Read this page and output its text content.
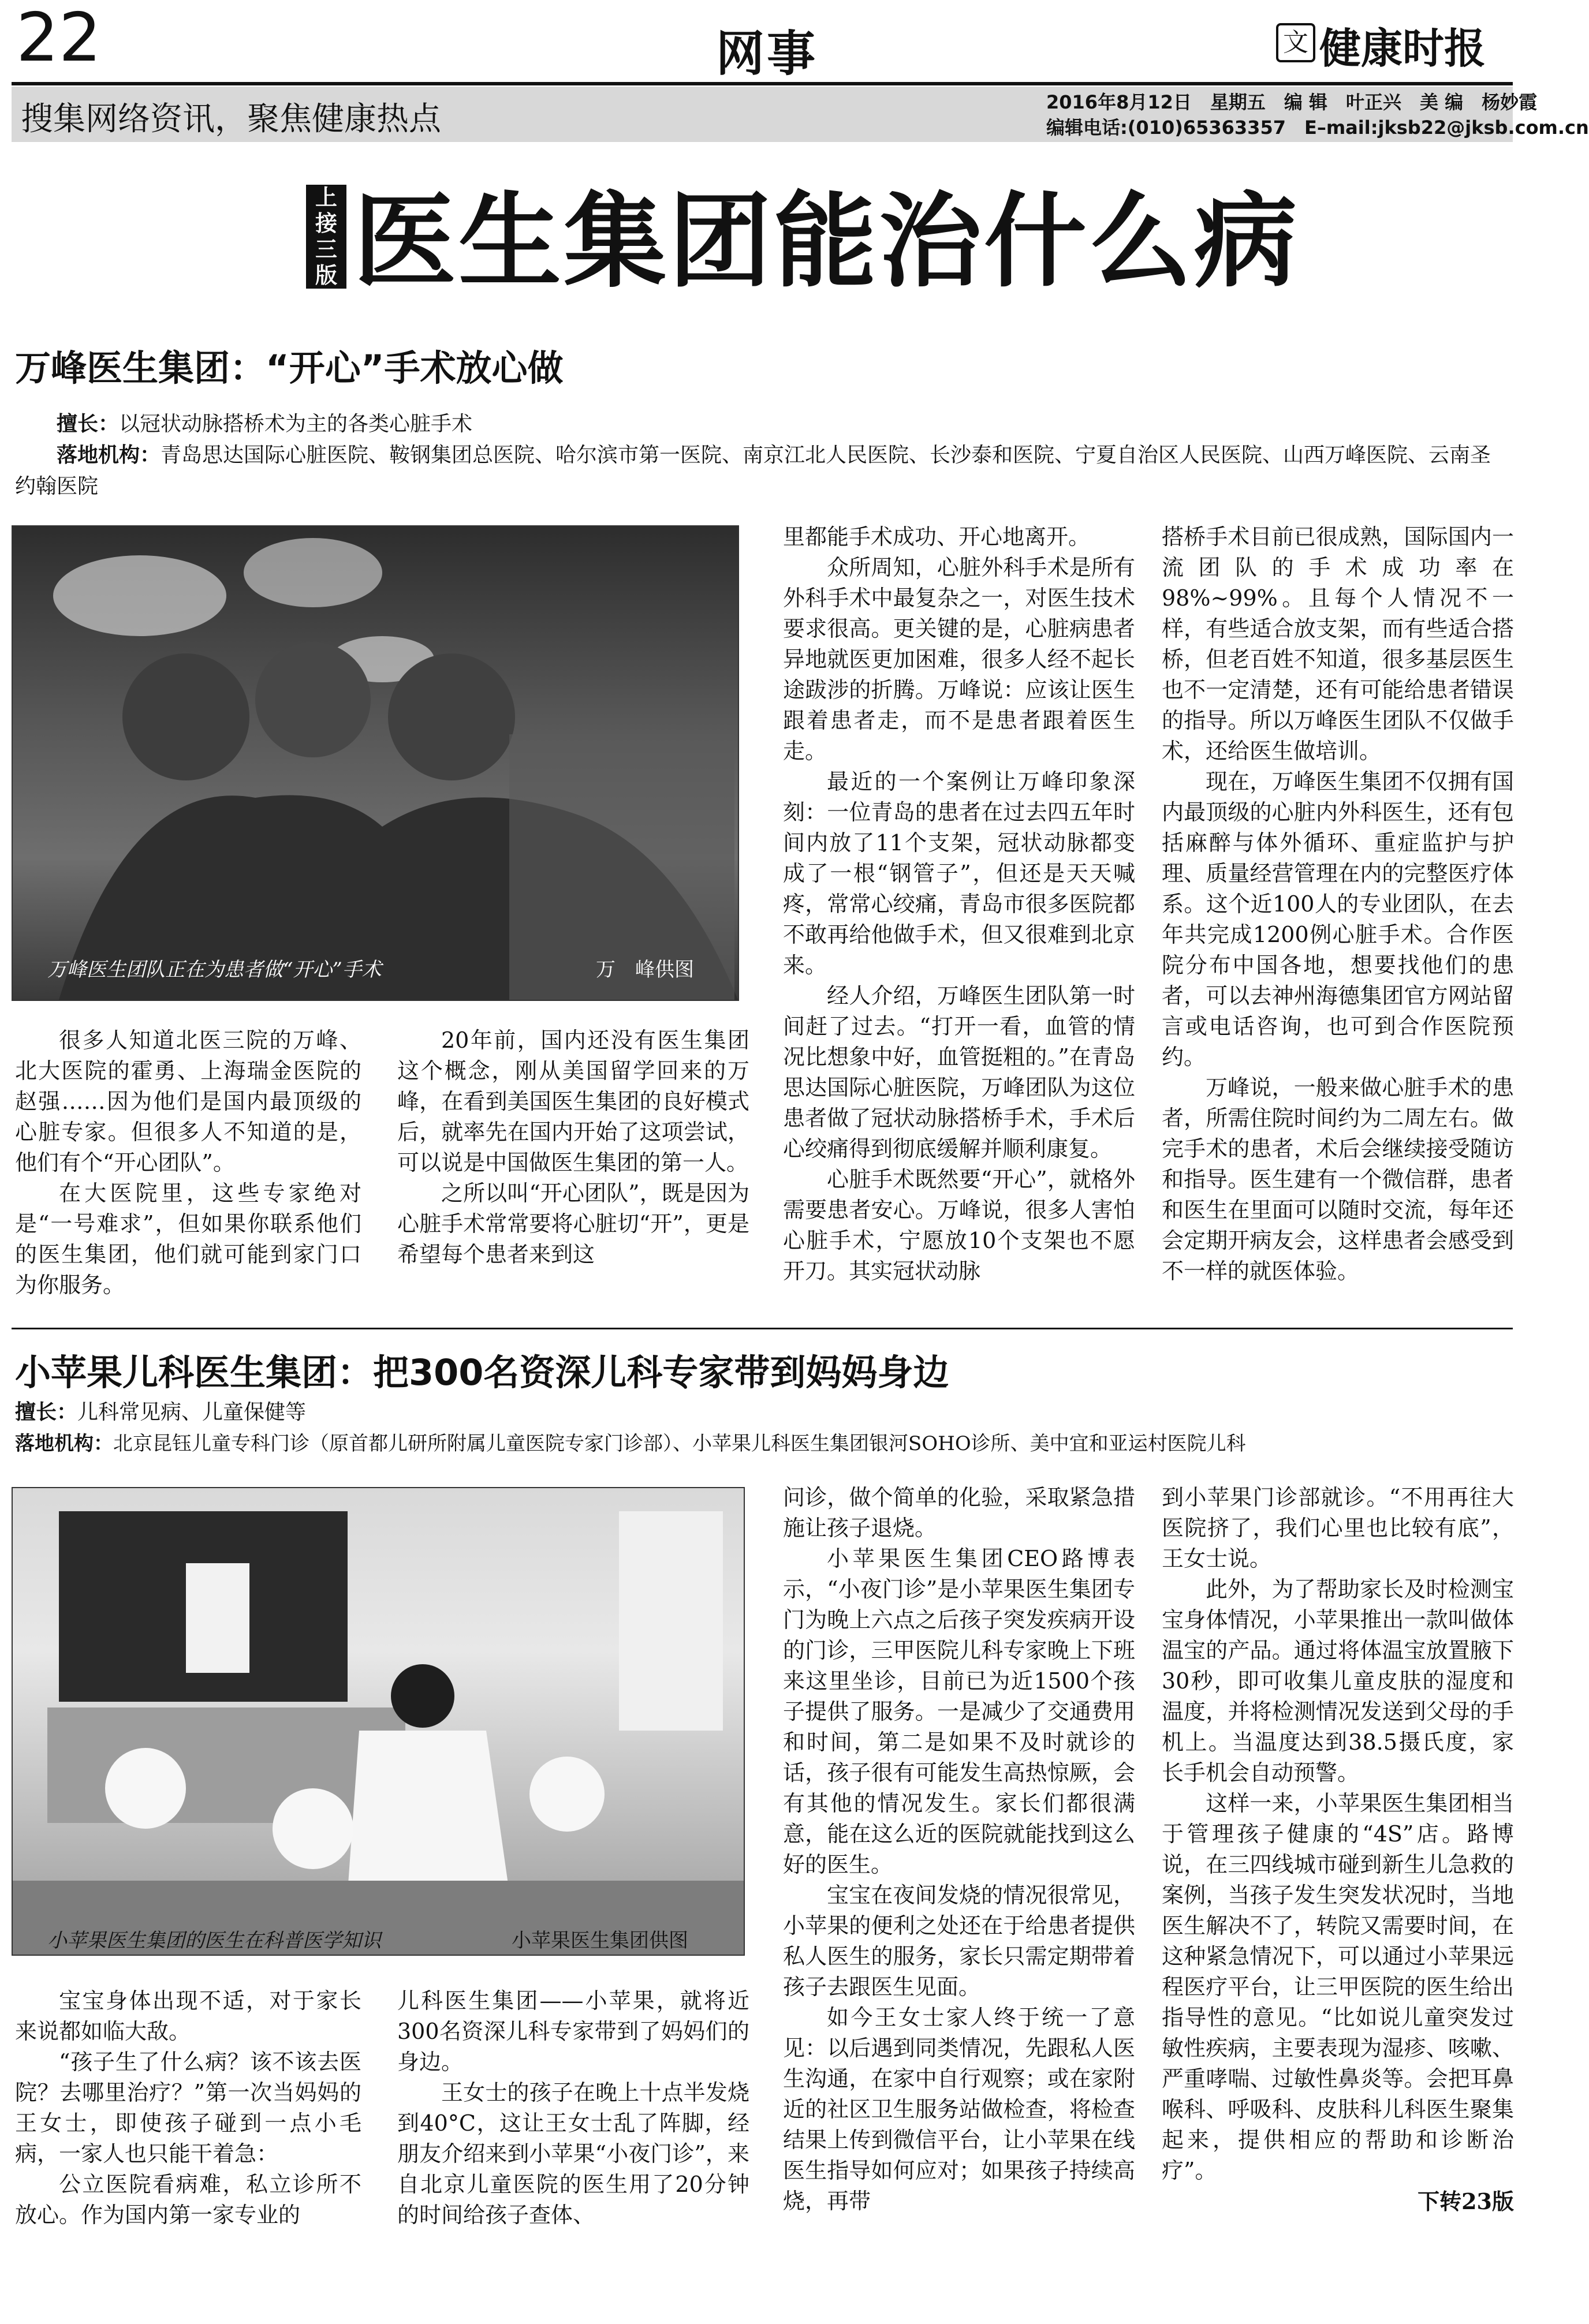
22	网事	文 健康时报
搜集网络资讯，聚焦健康热点	2016年8月12日　星期五　编 辑　叶正兴　美 编　杨妙霞
编辑电话:(010)65363357　E–mail:jksb22@jksb.com.cn
上接三版 医生集团能治什么病
万峰医生集团：“开心”手术放心做
擅长：以冠状动脉搭桥术为主的各类心脏手术
落地机构：青岛思达国际心脏医院、鞍钢集团总医院、哈尔滨市第一医院、南京江北人民医院、长沙泰和医院、宁夏自治区人民医院、山西万峰医院、云南圣约翰医院
万峰医生团队正在为患者做“开心”手术	万　峰供图

很多人知道北医三院的万峰、北大医院的霍勇、上海瑞金医院的赵强……因为他们是国内最顶级的心脏专家。但很多人不知道的是，他们有个“开心团队”。

在大医院里，这些专家绝对是“一号难求”，但如果你联系他们的医生集团，他们就可能到家门口为你服务。

20年前，国内还没有医生集团这个概念，刚从美国留学回来的万峰，在看到美国医生集团的良好模式后，就率先在国内开始了这项尝试，可以说是中国做医生集团的第一人。

之所以叫“开心团队”，既是因为心脏手术常常要将心脏切“开”，更是希望每个患者来到这

里都能手术成功、开心地离开。

众所周知，心脏外科手术是所有外科手术中最复杂之一，对医生技术要求很高。更关键的是，心脏病患者异地就医更加困难，很多人经不起长途跋涉的折腾。万峰说：应该让医生跟着患者走，而不是患者跟着医生走。

最近的一个案例让万峰印象深刻：一位青岛的患者在过去四五年时间内放了11个支架，冠状动脉都变成了一根“钢管子”，但还是天天喊疼，常常心绞痛，青岛市很多医院都不敢再给他做手术，但又很难到北京来。

经人介绍，万峰医生团队第一时间赶了过去。“打开一看，血管的情况比想象中好，血管挺粗的。”在青岛思达国际心脏医院，万峰团队为这位患者做了冠状动脉搭桥手术，手术后心绞痛得到彻底缓解并顺利康复。

心脏手术既然要“开心”，就格外需要患者安心。万峰说，很多人害怕心脏手术，宁愿放10个支架也不愿开刀。其实冠状动脉

搭桥手术目前已很成熟，国际国内一流团队的手术成功率在98%~99%。且每个人情况不一样，有些适合放支架，而有些适合搭桥，但老百姓不知道，很多基层医生也不一定清楚，还有可能给患者错误的指导。所以万峰医生团队不仅做手术，还给医生做培训。

现在，万峰医生集团不仅拥有国内最顶级的心脏内外科医生，还有包括麻醉与体外循环、重症监护与护理、质量经营管理在内的完整医疗体系。这个近100人的专业团队，在去年共完成1200例心脏手术。合作医院分布中国各地，想要找他们的患者，可以去神州海德集团官方网站留言或电话咨询，也可到合作医院预约。

万峰说，一般来做心脏手术的患者，所需住院时间约为二周左右。做完手术的患者，术后会继续接受随访和指导。医生建有一个微信群，患者和医生在里面可以随时交流，每年还会定期开病友会，这样患者会感受到不一样的就医体验。

小苹果儿科医生集团：把300名资深儿科专家带到妈妈身边
擅长：儿科常见病、儿童保健等
落地机构：北京昆钰儿童专科门诊（原首都儿研所附属儿童医院专家门诊部）、小苹果儿科医生集团银河SOHO诊所、美中宜和亚运村医院儿科
小苹果医生集团的医生在科普医学知识	小苹果医生集团供图

宝宝身体出现不适，对于家长来说都如临大敌。

“孩子生了什么病？该不该去医院？去哪里治疗？”第一次当妈妈的王女士，即使孩子碰到一点小毛病，一家人也只能干着急：

公立医院看病难，私立诊所不放心。作为国内第一家专业的

儿科医生集团——小苹果，就将近300名资深儿科专家带到了妈妈们的身边。

王女士的孩子在晚上十点半发烧到40°C，这让王女士乱了阵脚，经朋友介绍来到小苹果“小夜门诊”，来自北京儿童医院的医生用了20分钟的时间给孩子查体、

问诊，做个简单的化验，采取紧急措施让孩子退烧。

小苹果医生集团CEO路博表示，“小夜门诊”是小苹果医生集团专门为晚上六点之后孩子突发疾病开设的门诊，三甲医院儿科专家晚上下班来这里坐诊，目前已为近1500个孩子提供了服务。一是减少了交通费用和时间，第二是如果不及时就诊的话，孩子很有可能发生高热惊厥，会有其他的情况发生。家长们都很满意，能在这么近的医院就能找到这么好的医生。

宝宝在夜间发烧的情况很常见，小苹果的便利之处还在于给患者提供私人医生的服务，家长只需定期带着孩子去跟医生见面。

如今王女士家人终于统一了意见：以后遇到同类情况，先跟私人医生沟通，在家中自行观察；或在家附近的社区卫生服务站做检查，将检查结果上传到微信平台，让小苹果在线医生指导如何应对；如果孩子持续高烧，再带

到小苹果门诊部就诊。“不用再往大医院挤了，我们心里也比较有底”，王女士说。

此外，为了帮助家长及时检测宝宝身体情况，小苹果推出一款叫做体温宝的产品。通过将体温宝放置腋下30秒，即可收集儿童皮肤的湿度和温度，并将检测情况发送到父母的手机上。当温度达到38.5摄氏度，家长手机会自动预警。

这样一来，小苹果医生集团相当于管理孩子健康的“4S”店。路博说，在三四线城市碰到新生儿急救的案例，当孩子发生突发状况时，当地医生解决不了，转院又需要时间，在这种紧急情况下，可以通过小苹果远程医疗平台，让三甲医院的医生给出指导性的意见。“比如说儿童突发过敏性疾病，主要表现为湿疹、咳嗽、严重哮喘、过敏性鼻炎等。会把耳鼻喉科、呼吸科、皮肤科儿科医生聚集起来，提供相应的帮助和诊断治疗”。

下转23版
